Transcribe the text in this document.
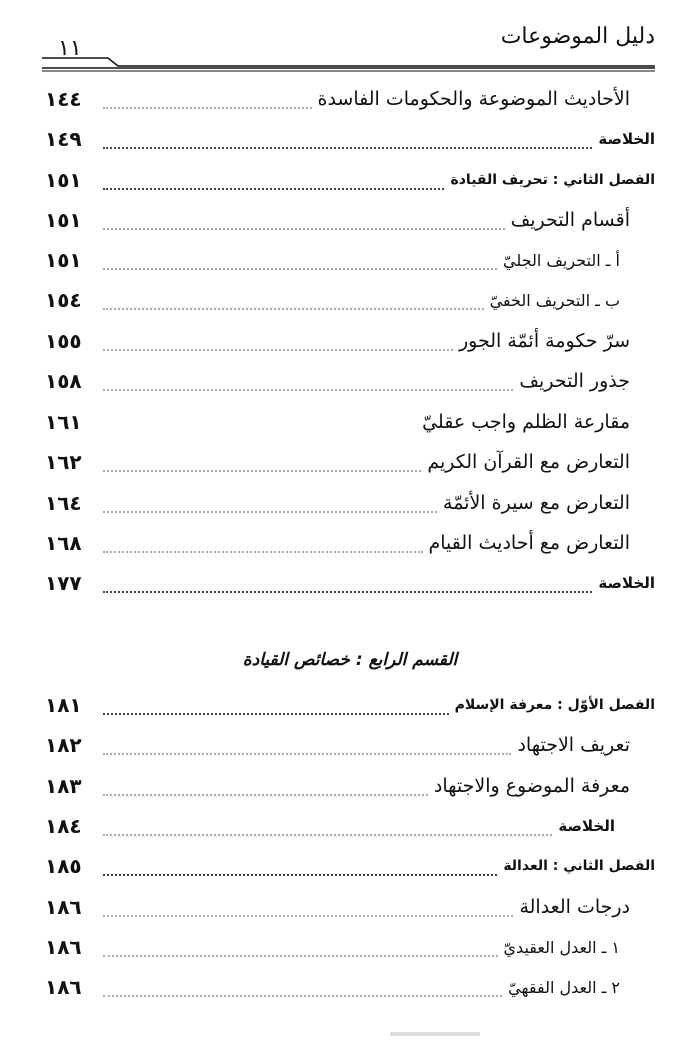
دليل الموضوعات
١١
الأحاديث الموضوعة والحكومات الفاسدة
١٤٤
الخلاصة
١٤٩
الفصل الثاني : تحريف القيادة
١٥١
أقسام التحريف
١٥١
أ ـ التحريف الجليّ
١٥١
ب ـ التحريف الخفيّ
١٥٤
سرّ حكومة أئمّة الجور
١٥٥
جذور التحريف
١٥٨
مقارعة الظلم واجب عقليّ
١٦١
التعارض مع القرآن الكريم
١٦٢
التعارض مع سيرة الأئمّة
١٦٤
التعارض مع أحاديث القيام
١٦٨
الخلاصة
١٧٧
القسم الرابع : خصائص القيادة
الفصل الأوّل : معرفة الإسلام
١٨١
تعريف الاجتهاد
١٨٢
معرفة الموضوع والاجتهاد
١٨٣
الخلاصة
١٨٤
الفصل الثاني : العدالة
١٨٥
درجات العدالة
١٨٦
١ ـ العدل العقيديّ
١٨٦
٢ ـ العدل الفقهيّ
١٨٦
